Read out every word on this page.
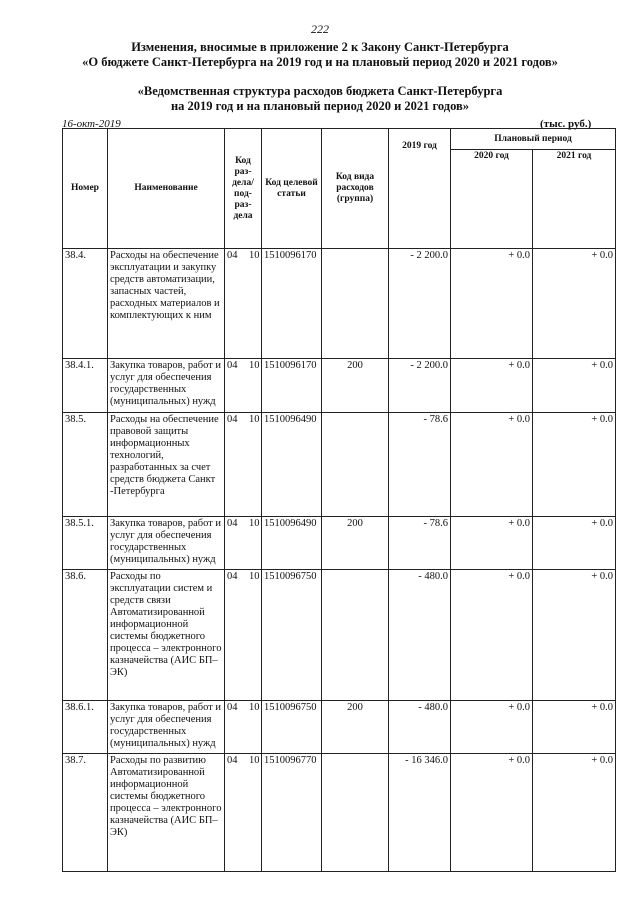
222
Изменения, вносимые в приложение 2 к Закону Санкт-Петербурга
«О бюджете Санкт-Петербурга на 2019 год и на плановый период 2020 и 2021 годов»
«Ведомственная структура расходов бюджета Санкт-Петербурга
на 2019 год и на плановый период 2020 и 2021 годов»
16-окт-2019	(тыс. руб.)
Номер	Наименование	Код раз- дела/ под- раз- дела	Код целевой статьи	Код вида расходов (группа)	2019 год	Плановый период	
						2020 год	2021 год
38.4.	Расходы на обеспечение эксплуатации и закупку средств автоматизации, запасных частей, расходных материалов и комплектующих к ним	04 10	1510096170		- 2 200.0	+ 0.0	+ 0.0
38.4.1.	Закупка товаров, работ и услуг для обеспечения государственных (муниципальных) нужд	04 10	1510096170	200	- 2 200.0	+ 0.0	+ 0.0
38.5.	Расходы на обеспечение правовой защиты информационных технологий, разработанных за счет средств бюджета Санкт -Петербурга	04 10	1510096490		- 78.6	+ 0.0	+ 0.0
38.5.1.	Закупка товаров, работ и услуг для обеспечения государственных (муниципальных) нужд	04 10	1510096490	200	- 78.6	+ 0.0	+ 0.0
38.6.	Расходы по эксплуатации систем и средств связи Автоматизированной информационной системы бюджетного процесса – электронного казначейства (АИС БП–ЭК)	04 10	1510096750		- 480.0	+ 0.0	+ 0.0
38.6.1.	Закупка товаров, работ и услуг для обеспечения государственных (муниципальных) нужд	04 10	1510096750	200	- 480.0	+ 0.0	+ 0.0
38.7.	Расходы по развитию Автоматизированной информационной системы бюджетного процесса – электронного казначейства (АИС БП–ЭК)	04 10	1510096770		- 16 346.0	+ 0.0	+ 0.0
